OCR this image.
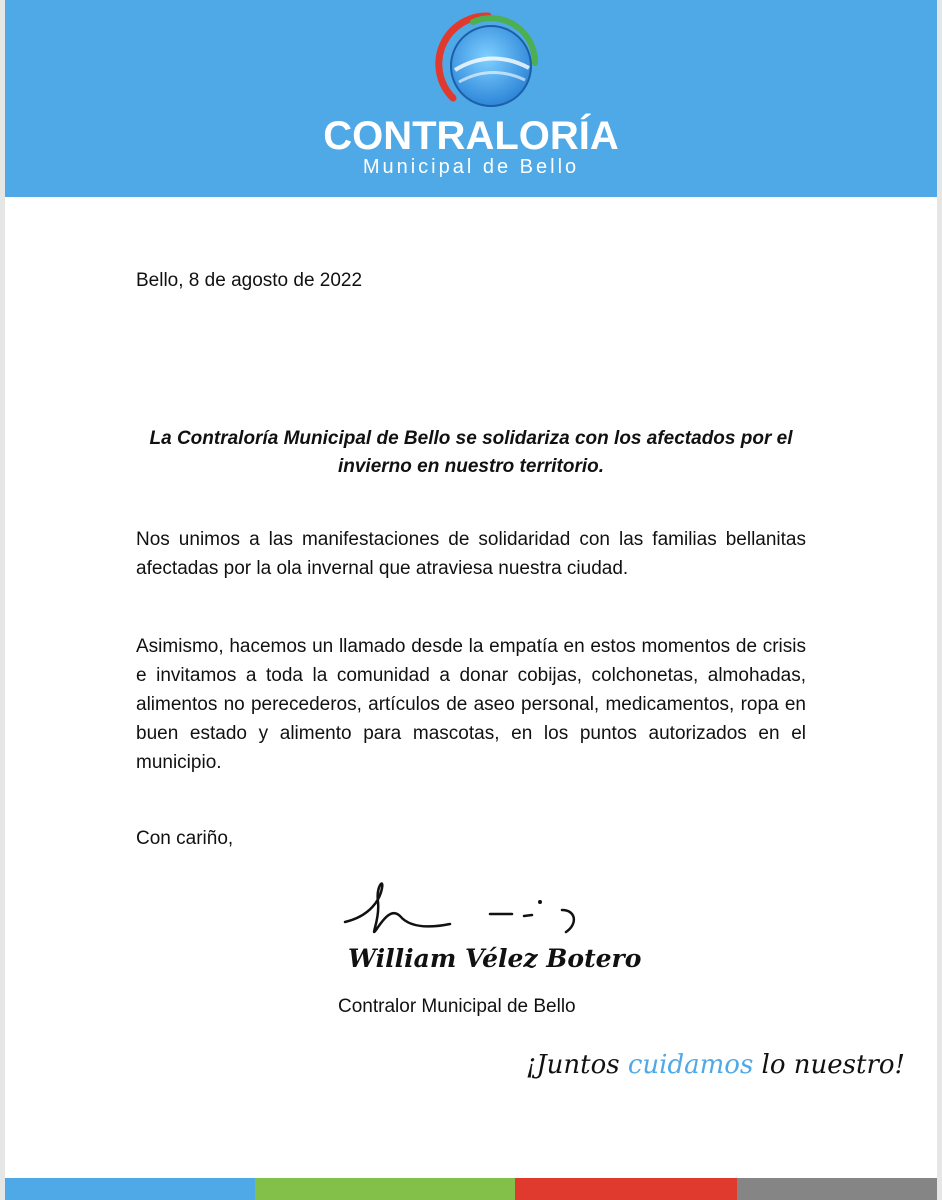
CONTRALORÍA
Municipal de Bello
Bello, 8 de agosto de 2022
La Contraloría Municipal de Bello se solidariza con los afectados por el invierno en nuestro territorio.
Nos unimos a las manifestaciones de solidaridad con las familias bellanitas afectadas por la ola invernal que atraviesa nuestra ciudad.
Asimismo, hacemos un llamado desde la empatía en estos momentos de crisis e invitamos a toda la comunidad a donar cobijas, colchonetas, almohadas, alimentos no perecederos, artículos de aseo personal, medicamentos, ropa en buen estado y alimento para mascotas, en los puntos autorizados en el municipio.
Con cariño,
William Vélez Botero
Contralor Municipal de Bello
¡Juntos cuidamos lo nuestro!
